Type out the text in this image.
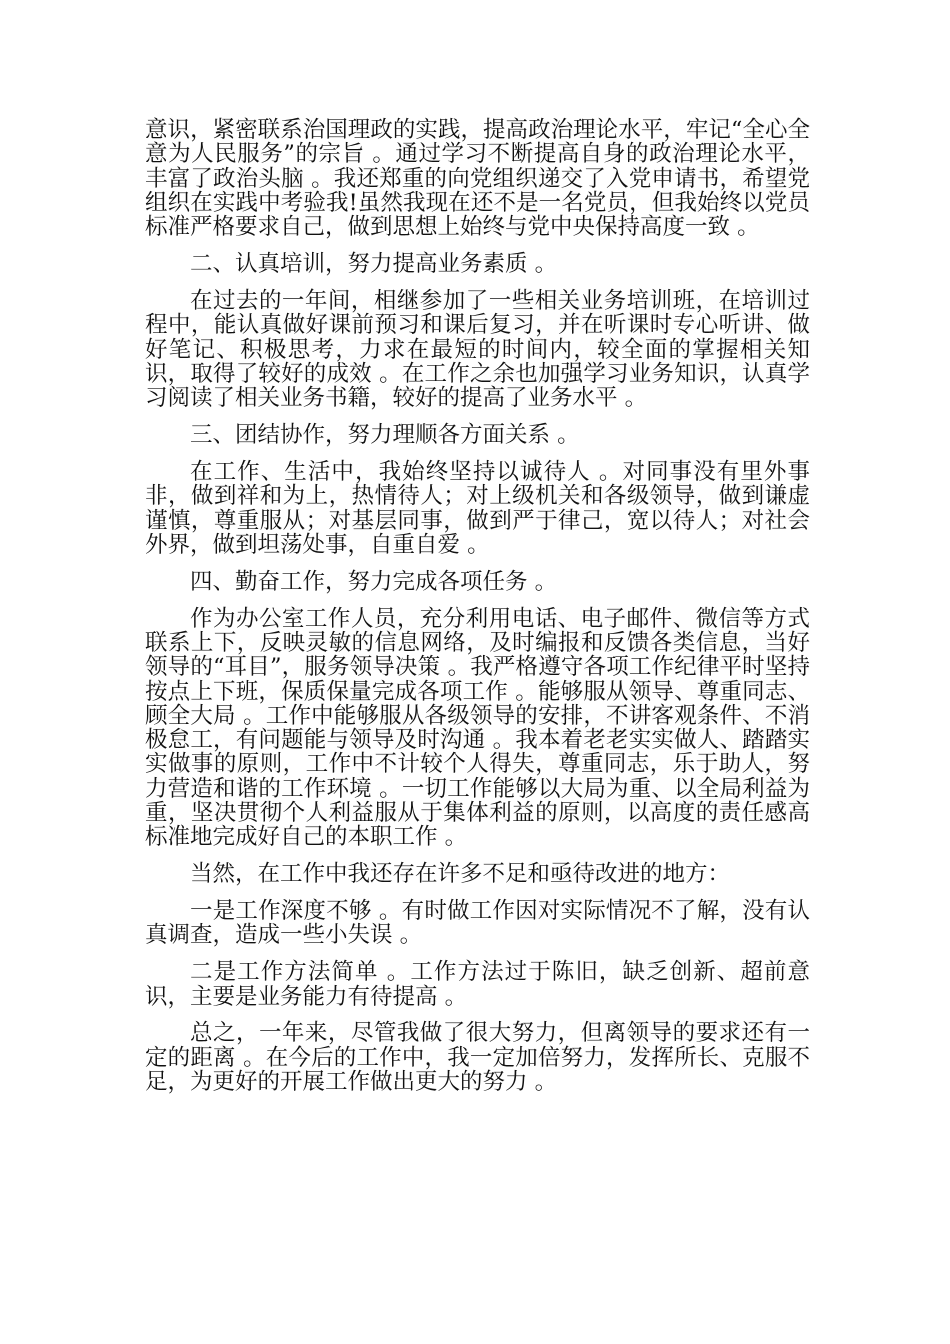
意识，紧密联系治国理政的实践，提高政治理论水平，牢记“全心全意为人民服务”的宗旨 。通过学习不断提高自身的政治理论水平，丰富了政治头脑 。我还郑重的向党组织递交了入党申请书，希望党组织在实践中考验我!虽然我现在还不是一名党员，但我始终以党员标准严格要求自己，做到思想上始终与党中央保持高度一致 。

二、认真培训，努力提高业务素质 。

在过去的一年间，相继参加了一些相关业务培训班，在培训过程中，能认真做好课前预习和课后复习，并在听课时专心听讲、做好笔记、积极思考，力求在最短的时间内，较全面的掌握相关知识，取得了较好的成效 。在工作之余也加强学习业务知识，认真学习阅读了相关业务书籍，较好的提高了业务水平 。

三、团结协作，努力理顺各方面关系 。

在工作、生活中，我始终坚持以诚待人 。对同事没有里外事非，做到祥和为上，热情待人；对上级机关和各级领导，做到谦虚谨慎，尊重服从；对基层同事，做到严于律己，宽以待人；对社会外界，做到坦荡处事，自重自爱 。

四、勤奋工作，努力完成各项任务 。

作为办公室工作人员，充分利用电话、电子邮件、微信等方式联系上下，反映灵敏的信息网络，及时编报和反馈各类信息，当好领导的“耳目”，服务领导决策 。我严格遵守各项工作纪律平时坚持按点上下班，保质保量完成各项工作 。能够服从领导、尊重同志、顾全大局 。工作中能够服从各级领导的安排，不讲客观条件、不消极怠工，有问题能与领导及时沟通 。我本着老老实实做人、踏踏实实做事的原则，工作中不计较个人得失，尊重同志，乐于助人，努力营造和谐的工作环境 。一切工作能够以大局为重、以全局利益为重，坚决贯彻个人利益服从于集体利益的原则，以高度的责任感高标准地完成好自己的本职工作 。

当然，在工作中我还存在许多不足和亟待改进的地方：

一是工作深度不够 。有时做工作因对实际情况不了解，没有认真调查，造成一些小失误 。

二是工作方法简单 。工作方法过于陈旧，缺乏创新、超前意识，主要是业务能力有待提高 。

总之，一年来，尽管我做了很大努力，但离领导的要求还有一定的距离 。在今后的工作中，我一定加倍努力，发挥所长、克服不足，为更好的开展工作做出更大的努力 。
